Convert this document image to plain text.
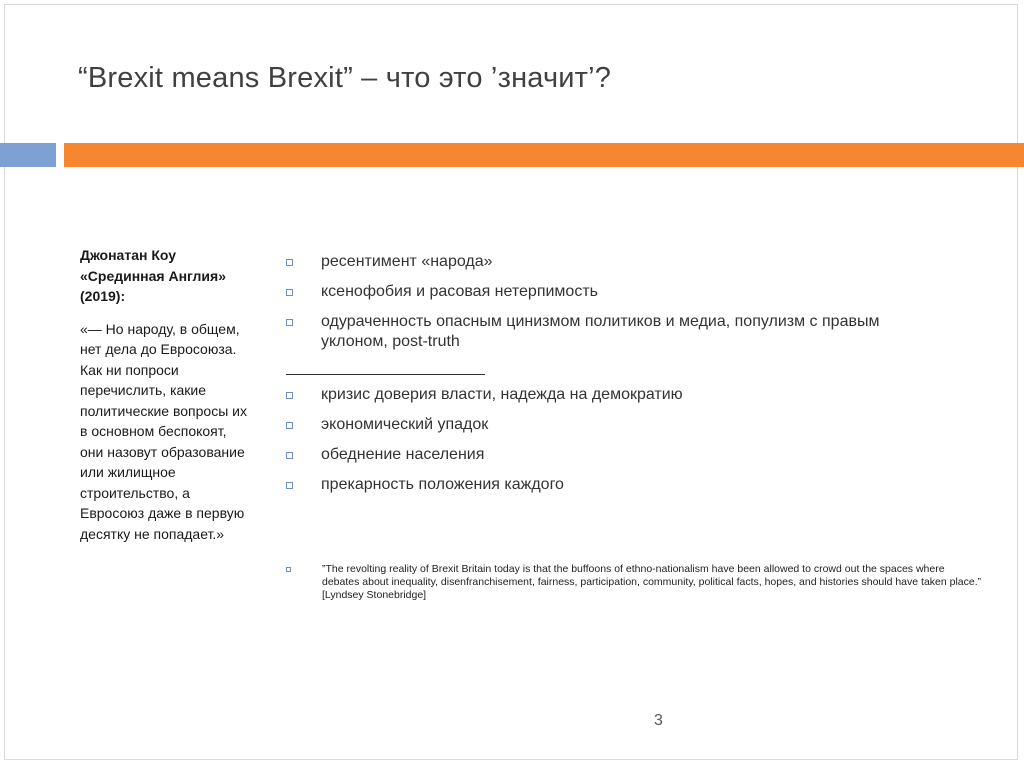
“Brexit means Brexit” – что это ’значит’?
Джонатан Коу «Срединная Англия» (2019):
«— Но народу, в общем, нет дела до Евросоюза. Как ни попроси перечислить, какие политические вопросы их в основном беспокоят, они назовут образование или жилищное строительство, а Евросоюз даже в первую десятку не попадает.»
ресентимент «народа»
ксенофобия и расовая нетерпимость
одураченность опасным цинизмом политиков и медиа, популизм с правым уклоном, post-truth
кризис доверия власти, надежда на демократию
экономический упадок
обеднение населения
прекарность положения каждого
”The revolting reality of Brexit Britain today is that the buffoons of ethno-nationalism have been allowed to crowd out the spaces where debates about inequality, disenfranchisement, fairness, participation, community, political facts, hopes, and histories should have taken place.” [Lyndsey Stonebridge]
3
